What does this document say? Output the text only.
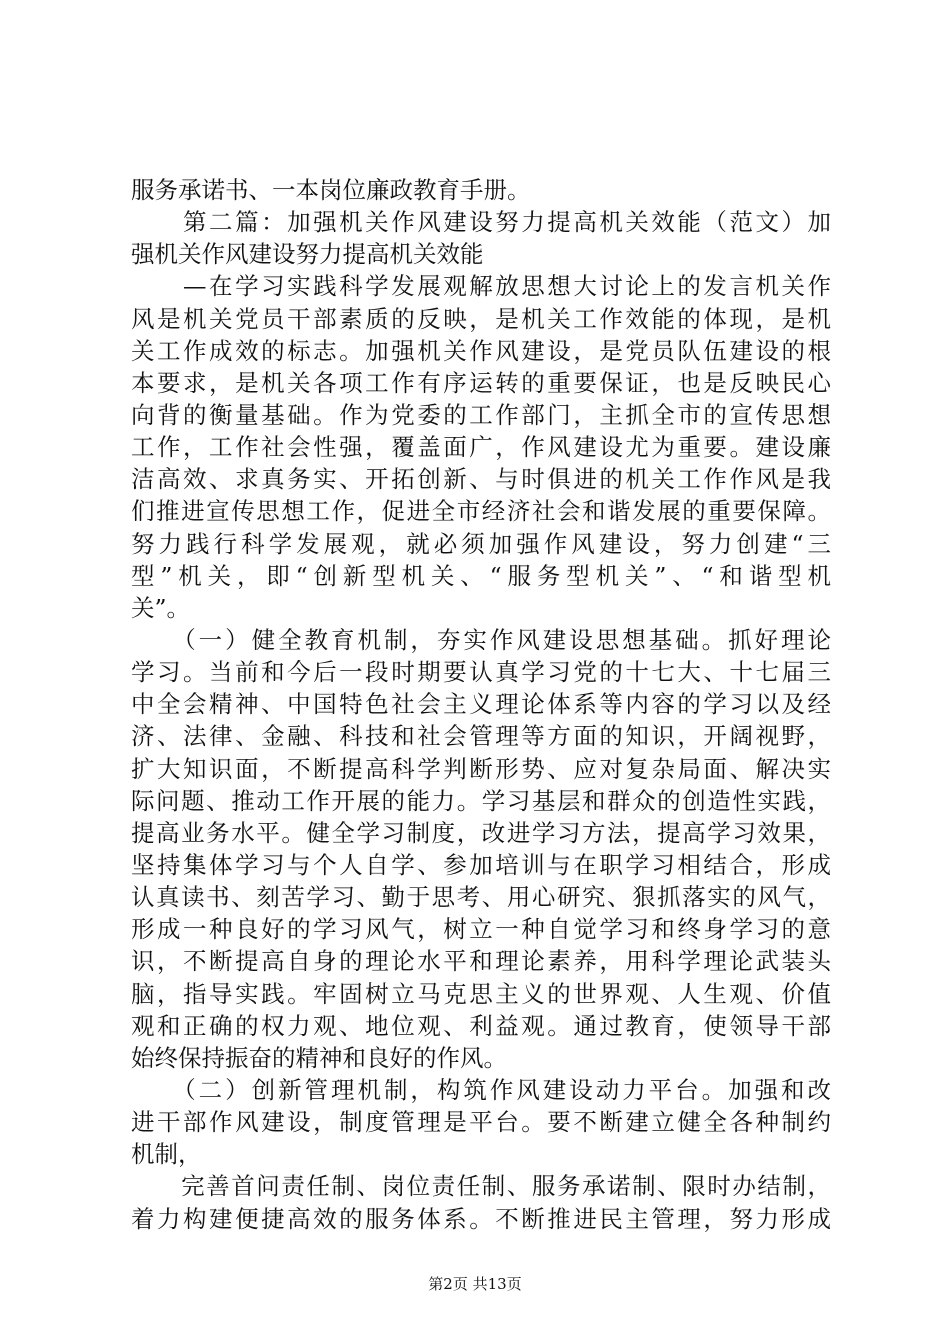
服务承诺书、一本岗位廉政教育手册。
　　第二篇：加强机关作风建设努力提高机关效能（范文）加
强机关作风建设努力提高机关效能
　　—在学习实践科学发展观解放思想大讨论上的发言机关作
风是机关党员干部素质的反映，是机关工作效能的体现，是机
关工作成效的标志。加强机关作风建设，是党员队伍建设的根
本要求，是机关各项工作有序运转的重要保证，也是反映民心
向背的衡量基础。作为党委的工作部门，主抓全市的宣传思想
工作，工作社会性强，覆盖面广，作风建设尤为重要。建设廉
洁高效、求真务实、开拓创新、与时俱进的机关工作作风是我
们推进宣传思想工作，促进全市经济社会和谐发展的重要保障。
努力践行科学发展观，就必须加强作风建设，努力创建“三
型”机关，即“创新型机关、“服务型机关”、“和谐型机
关”。
　　（一）健全教育机制，夯实作风建设思想基础。抓好理论
学习。当前和今后一段时期要认真学习党的十七大、十七届三
中全会精神、中国特色社会主义理论体系等内容的学习以及经
济、法律、金融、科技和社会管理等方面的知识，开阔视野，
扩大知识面，不断提高科学判断形势、应对复杂局面、解决实
际问题、推动工作开展的能力。学习基层和群众的创造性实践，
提高业务水平。健全学习制度，改进学习方法，提高学习效果，
坚持集体学习与个人自学、参加培训与在职学习相结合，形成
认真读书、刻苦学习、勤于思考、用心研究、狠抓落实的风气，
形成一种良好的学习风气，树立一种自觉学习和终身学习的意
识，不断提高自身的理论水平和理论素养，用科学理论武装头
脑，指导实践。牢固树立马克思主义的世界观、人生观、价值
观和正确的权力观、地位观、利益观。通过教育，使领导干部
始终保持振奋的精神和良好的作风。
　　（二）创新管理机制，构筑作风建设动力平台。加强和改
进干部作风建设，制度管理是平台。要不断建立健全各种制约
机制，
　　完善首问责任制、岗位责任制、服务承诺制、限时办结制，
着力构建便捷高效的服务体系。不断推进民主管理，努力形成
第2页 共13页
